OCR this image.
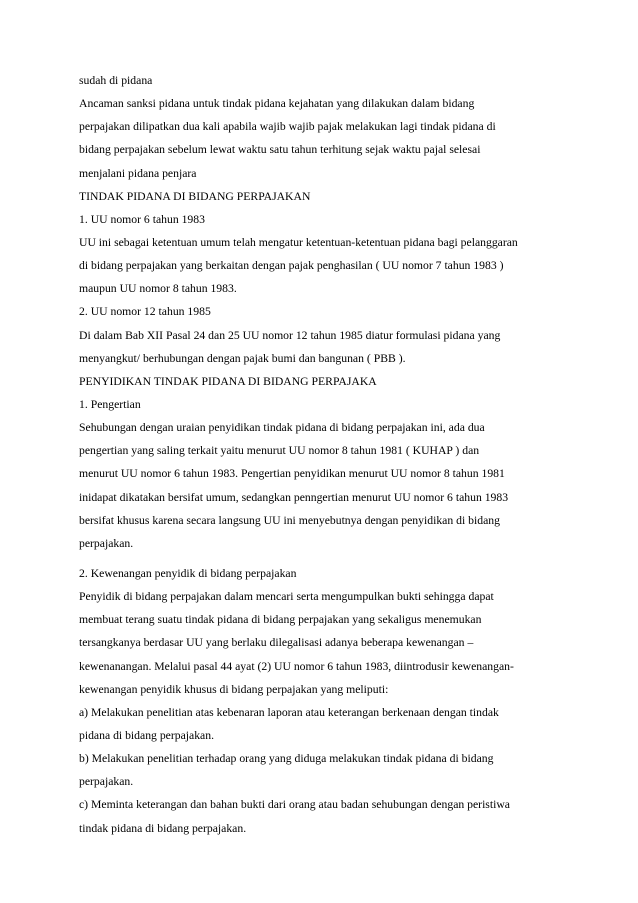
sudah di pidana
Ancaman sanksi pidana untuk tindak pidana kejahatan yang dilakukan dalam bidang
perpajakan dilipatkan dua kali apabila wajib wajib pajak melakukan lagi tindak pidana di
bidang perpajakan sebelum lewat waktu satu tahun terhitung sejak waktu pajal selesai
menjalani pidana penjara
TINDAK PIDANA DI BIDANG PERPAJAKAN
1. UU nomor 6 tahun 1983
UU ini sebagai ketentuan umum telah mengatur ketentuan-ketentuan pidana bagi pelanggaran
di bidang perpajakan yang berkaitan dengan pajak penghasilan ( UU nomor 7 tahun 1983 )
maupun UU nomor 8 tahun 1983.
2. UU nomor 12 tahun 1985
Di dalam Bab XII Pasal 24 dan 25 UU nomor 12 tahun 1985 diatur formulasi pidana yang
menyangkut/ berhubungan dengan pajak bumi dan bangunan ( PBB ).
PENYIDIKAN TINDAK PIDANA DI BIDANG PERPAJAKA
1. Pengertian
Sehubungan dengan uraian penyidikan tindak pidana di bidang perpajakan ini, ada dua
pengertian yang saling terkait yaitu menurut UU nomor 8 tahun 1981 ( KUHAP ) dan
menurut UU nomor 6 tahun 1983. Pengertian penyidikan menurut UU nomor 8 tahun 1981
inidapat dikatakan bersifat umum, sedangkan penngertian menurut UU nomor 6 tahun 1983
bersifat khusus karena secara langsung UU ini menyebutnya dengan penyidikan di bidang
perpajakan.
2. Kewenangan penyidik di bidang perpajakan
Penyidik di bidang perpajakan dalam mencari serta mengumpulkan bukti sehingga dapat
membuat terang suatu tindak pidana di bidang perpajakan yang sekaligus menemukan
tersangkanya berdasar UU yang berlaku dilegalisasi adanya beberapa kewenangan –
kewenanangan. Melalui pasal 44 ayat (2) UU nomor 6 tahun 1983, diintrodusir kewenangan-
kewenangan penyidik khusus di bidang perpajakan yang meliputi:
a) Melakukan penelitian atas kebenaran laporan atau keterangan berkenaan dengan tindak
pidana di bidang perpajakan.
b) Melakukan penelitian terhadap orang yang diduga melakukan tindak pidana di bidang
perpajakan.
c) Meminta keterangan dan bahan bukti dari orang atau badan sehubungan dengan peristiwa
tindak pidana di bidang perpajakan.
